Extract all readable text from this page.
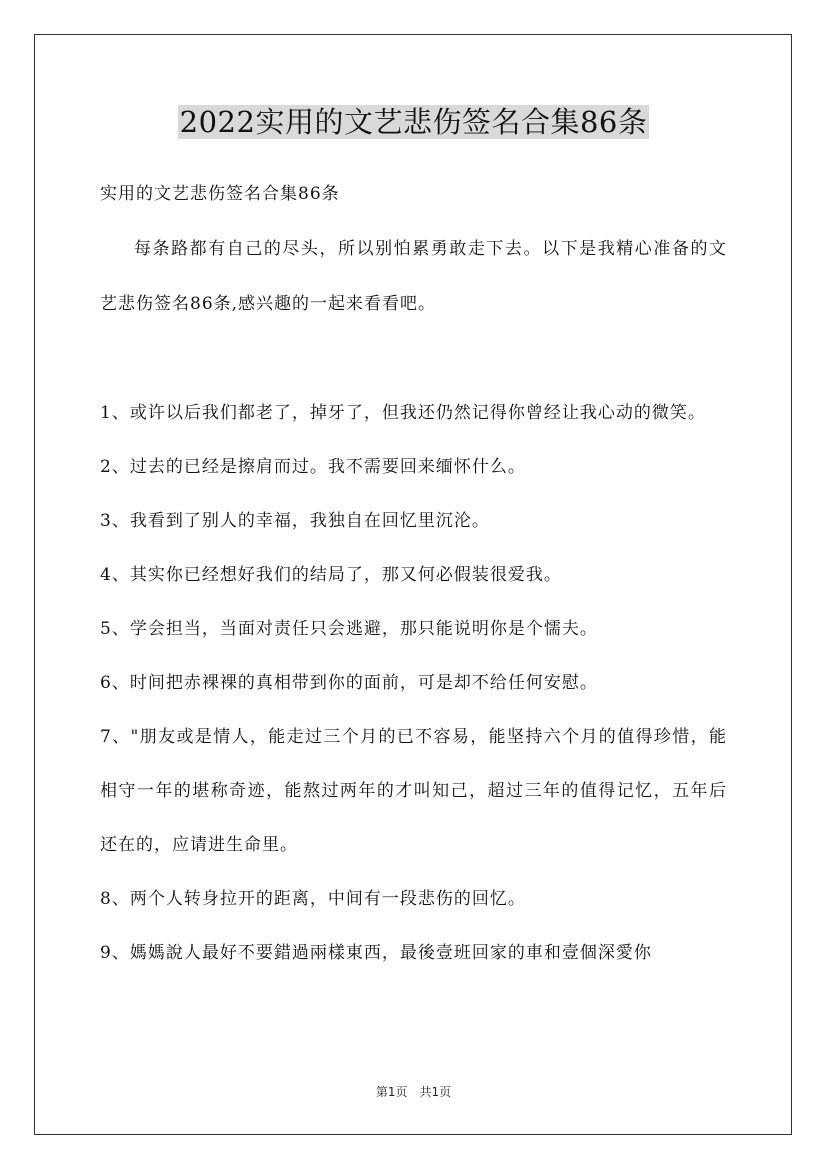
2022实用的文艺悲伤签名合集86条

实用的文艺悲伤签名合集86条

每条路都有自己的尽头，所以别怕累勇敢走下去。以下是我精心准备的文艺悲伤签名86条,感兴趣的一起来看看吧。

1、或许以后我们都老了，掉牙了，但我还仍然记得你曾经让我心动的微笑。
2、过去的已经是擦肩而过。我不需要回来缅怀什么。
3、我看到了别人的幸福，我独自在回忆里沉沦。
4、其实你已经想好我们的结局了，那又何必假装很爱我。
5、学会担当，当面对责任只会逃避，那只能说明你是个懦夫。
6、时间把赤裸裸的真相带到你的面前，可是却不给任何安慰。
7、"朋友或是情人，能走过三个月的已不容易，能坚持六个月的值得珍惜，能相守一年的堪称奇迹，能熬过两年的才叫知己，超过三年的值得记忆，五年后还在的，应请进生命里。
8、两个人转身拉开的距离，中间有一段悲伤的回忆。
9、媽媽說人最好不要錯過兩樣東西，最後壹班回家的車和壹個深愛你
第1页　共1页
